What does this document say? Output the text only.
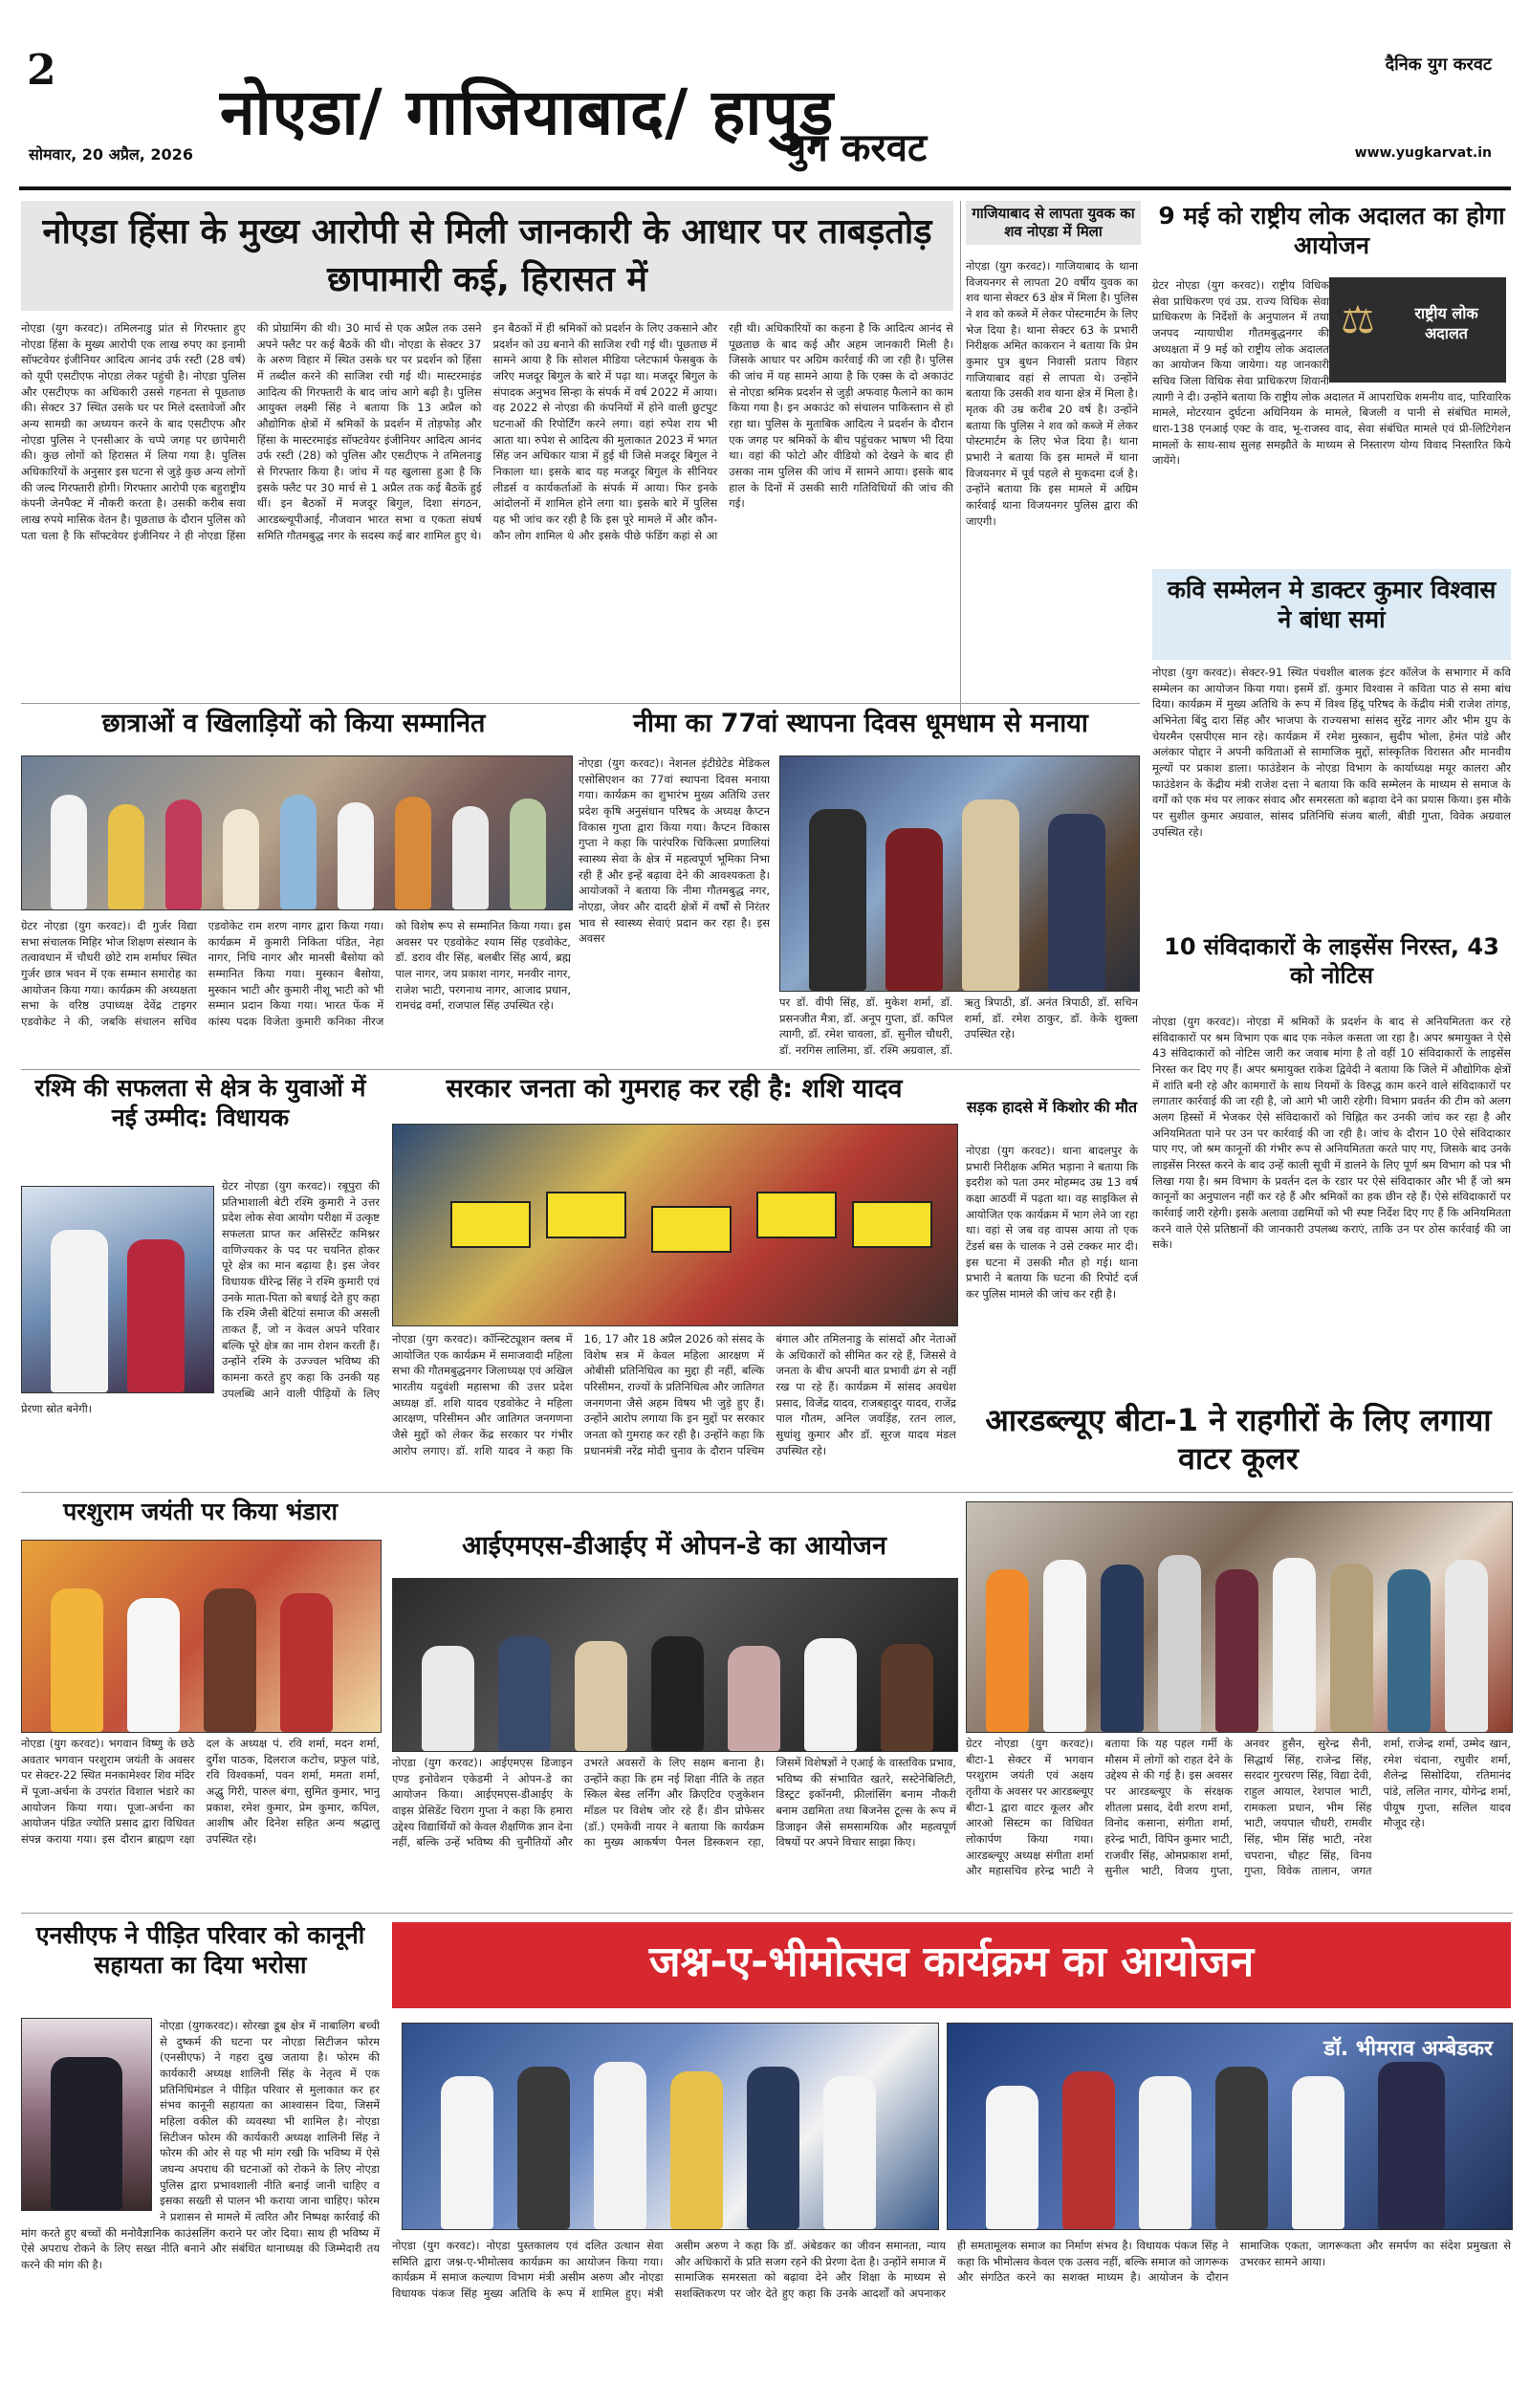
2
नोएडा/ गाजियाबाद/ हापुड़
युग करवट
दैनिक युग करवट
सोमवार, 20 अप्रैल, 2026	www.yugkarvat.in
नोएडा हिंसा के मुख्य आरोपी से मिली जानकारी के आधार पर ताबड़तोड़ छापामारी कई, हिरासत में
नोएडा (युग करवट)। तमिलनाडु प्रांत से गिरफ्तार हुए नोएडा हिंसा के मुख्य आरोपी एक लाख रुपए का इनामी सॉफ्टवेयर इंजीनियर आदित्य आनंद उर्फ रस्टी (28 वर्ष) को यूपी एसटीएफ नोएडा लेकर पहुंची है। नोएडा पुलिस और एसटीएफ का अधिकारी उससे गहनता से पूछताछ की। सेक्टर 37 स्थित उसके घर पर मिले दस्तावेजों और अन्य सामग्री का अध्ययन करने के बाद एसटीएफ और नोएडा पुलिस ने एनसीआर के चप्पे जगह पर छापेमारी की। कुछ लोगों को हिरासत में लिया गया है। पुलिस अधिकारियों के अनुसार इस घटना से जुड़े कुछ अन्य लोगों की जल्द गिरफ्तारी होगी। गिरफ्तार आरोपी एक बहुराष्ट्रीय कंपनी जेनपैक्ट में नौकरी करता है। उसकी करीब सवा लाख रुपये मासिक वेतन है। पूछताछ के दौरान पुलिस को पता चला है कि सॉफ्टवेयर इंजीनियर ने ही नोएडा हिंसा की प्रोग्रामिंग की थी। 30 मार्च से एक अप्रैल तक उसने अपने फ्लैट पर कई बैठकें की थी। नोएडा के सेक्टर 37 के अरुण विहार में स्थित उसके घर पर प्रदर्शन को हिंसा में तब्दील करने की साजिश रची गई थी। मास्टरमाइंड आदित्य की गिरफ्तारी के बाद जांच आगे बढ़ी है। पुलिस आयुक्त लक्ष्मी सिंह ने बताया कि 13 अप्रैल को औद्योगिक क्षेत्रों में श्रमिकों के प्रदर्शन में तोड़फोड़ और हिंसा के मास्टरमाइंड सॉफ्टवेयर इंजीनियर आदित्य आनंद उर्फ रस्टी (28) को पुलिस और एसटीएफ ने तमिलनाडु से गिरफ्तार किया है। जांच में यह खुलासा हुआ है कि इसके फ्लैट पर 30 मार्च से 1 अप्रैल तक कई बैठकें हुई थीं। इन बैठकों में मजदूर बिगुल, दिशा संगठन, आरडब्ल्यूपीआई, नौजवान भारत सभा व एकता संघर्ष समिति गौतमबुद्ध नगर के सदस्य कई बार शामिल हुए थे। इन बैठकों में ही श्रमिकों को प्रदर्शन के लिए उकसाने और प्रदर्शन को उग्र बनाने की साजिश रची गई थी। पूछताछ में सामने आया है कि सोशल मीडिया प्लेटफार्म फेसबुक के जरिए मजदूर बिगुल के बारे में पढ़ा था। मजदूर बिगुल के संपादक अनुभव सिन्हा के संपर्क में वर्ष 2022 में आया। वह 2022 से नोएडा की कंपनियों में होने वाली छुटपुट घटनाओं की रिपोर्टिंग करने लगा। वहां रुपेश राय भी आता था। रुपेश से आदित्य की मुलाकात 2023 में भगत सिंह जन अधिकार यात्रा में हुई थी जिसे मजदूर बिगुल ने निकाला था। इसके बाद यह मजदूर बिगुल के सीनियर लीडर्स व कार्यकर्ताओं के संपर्क में आया। फिर इनके आंदोलनों में शामिल होने लगा था। इसके बारे में पुलिस यह भी जांच कर रही है कि इस पूरे मामले में और कौन-कौन लोग शामिल थे और इसके पीछे फंडिंग कहां से आ रही थी। अधिकारियों का कहना है कि आदित्य आनंद से पूछताछ के बाद कई और अहम जानकारी मिली है। जिसके आधार पर अग्रिम कार्रवाई की जा रही है। पुलिस की जांच में यह सामने आया है कि एक्स के दो अकाउंट से नोएडा श्रमिक प्रदर्शन से जुड़ी अफवाह फैलाने का काम किया गया है। इन अकाउंट को संचालन पाकिस्तान से हो रहा था। पुलिस के मुताबिक आदित्य ने प्रदर्शन के दौरान एक जगह पर श्रमिकों के बीच पहुंचकर भाषण भी दिया था। वहां की फोटो और वीडियो को देखने के बाद ही उसका नाम पुलिस की जांच में सामने आया। इसके बाद हाल के दिनों में उसकी सारी गतिविधियों की जांच की गई।
गाजियाबाद से लापता युवक का शव नोएडा में मिला
नोएडा (युग करवट)। गाजियाबाद के थाना विजयनगर से लापता 20 वर्षीय युवक का शव थाना सेक्टर 63 क्षेत्र में मिला है। पुलिस ने शव को कब्जे में लेकर पोस्टमार्टम के लिए भेज दिया है। थाना सेक्टर 63 के प्रभारी निरीक्षक अमित काकरान ने बताया कि प्रेम कुमार पुत्र बुधन निवासी प्रताप विहार गाजियाबाद वहां से लापता थे। उन्होंने बताया कि उसकी शव थाना क्षेत्र में मिला है। मृतक की उम्र करीब 20 वर्ष है। उन्होंने बताया कि पुलिस ने शव को कब्जे में लेकर पोस्टमार्टम के लिए भेज दिया है। थाना प्रभारी ने बताया कि इस मामले में थाना विजयनगर में पूर्व पहले से मुकदमा दर्ज है। उन्होंने बताया कि इस मामले में अग्रिम कार्रवाई थाना विजयनगर पुलिस द्वारा की जाएगी।
9 मई को राष्ट्रीय लोक अदालत का होगा आयोजन
⚖	राष्ट्रीय लोक अदालत
ग्रेटर नोएडा (युग करवट)। राष्ट्रीय विधिक सेवा प्राधिकरण एवं उप्र. राज्य विधिक सेवा प्राधिकरण के निर्देशों के अनुपालन में तथा जनपद न्यायाधीश गौतमबुद्धनगर की अध्यक्षता में 9 मई को राष्ट्रीय लोक अदालत का आयोजन किया जायेगा। यह जानकारी सचिव जिला विधिक सेवा प्राधिकरण शिवानी त्यागी ने दी। उन्होंने बताया कि राष्ट्रीय लोक अदालत में आपराधिक शमनीय वाद, पारिवारिक मामले, मोटरयान दुर्घटना अधिनियम के मामले, बिजली व पानी से संबंधित मामले, धारा-138 एनआई एक्ट के वाद, भू-राजस्व वाद, सेवा संबंधित मामले एवं प्री-लिटिगेशन मामलों के साथ-साथ सुलह समझौते के माध्यम से निस्तारण योग्य विवाद निस्तारित किये जायेंगे।
कवि सम्मेलन मे डाक्टर कुमार विश्वास ने बांधा समां
नोएडा (युग करवट)। सेक्टर-91 स्थित पंचशील बालक इंटर कॉलेज के सभागार में कवि सम्मेलन का आयोजन किया गया। इसमें डॉ. कुमार विश्वास ने कविता पाठ से समा बांध दिया। कार्यक्रम में मुख्य अतिथि के रूप में विश्व हिंदू परिषद के केंद्रीय मंत्री राजेश तांगड़, अभिनेता बिंदु दारा सिंह और भाजपा के राज्यसभा सांसद सुरेंद्र नागर और भीम ग्रुप के चेयरमैन एसपीएस मान रहे। कार्यक्रम में रमेश मुस्कान, सुदीप भोला, हेमंत पांडे और अलंकार पोद्दार ने अपनी कविताओं से सामाजिक मुद्दों, सांस्कृतिक विरासत और मानवीय मूल्यों पर प्रकाश डाला। फाउंडेशन के नोएडा विभाग के कार्याध्यक्ष मयूर कालरा और फाउंडेशन के केंद्रीय मंत्री राजेश दत्ता ने बताया कि कवि सम्मेलन के माध्यम से समाज के वर्गों को एक मंच पर लाकर संवाद और समरसता को बढ़ावा देने का प्रयास किया। इस मौके पर सुशील कुमार अग्रवाल, सांसद प्रतिनिधि संजय बाली, बीडी गुप्ता, विवेक अग्रवाल उपस्थित रहे।
10 संविदाकारों के लाइसेंस निरस्त, 43 को नोटिस
नोएडा (युग करवट)। नोएडा में श्रमिकों के प्रदर्शन के बाद से अनियमितता कर रहे संविदाकारों पर श्रम विभाग एक बाद एक नकेल कसता जा रहा है। अपर श्रमायुक्त ने ऐसे 43 संविदाकारों को नोटिस जारी कर जवाब मांगा है तो वहीं 10 संविदाकारों के लाइसेंस निरस्त कर दिए गए हैं। अपर श्रमायुक्त राकेश द्विवेदी ने बताया कि जिले में औद्योगिक क्षेत्रों में शांति बनी रहे और कामगारों के साथ नियमों के विरुद्ध काम करने वाले संविदाकारों पर लगातार कार्रवाई की जा रही है, जो आगे भी जारी रहेगी। विभाग प्रवर्तन की टीम को अलग अलग हिस्सों में भेजकर ऐसे संविदाकारों को चिह्नित कर उनकी जांच कर रहा है और अनियमितता पाने पर उन पर कार्रवाई की जा रही है। जांच के दौरान 10 ऐसे संविदाकार पाए गए, जो श्रम कानूनों की गंभीर रूप से अनियमितता करते पाए गए, जिसके बाद उनके लाइसेंस निरस्त करने के बाद उन्हें काली सूची में डालने के लिए पूर्ण श्रम विभाग को पत्र भी लिखा गया है। श्रम विभाग के प्रवर्तन दल के रडार पर ऐसे संविदाकार और भी हैं जो श्रम कानूनों का अनुपालन नहीं कर रहे हैं और श्रमिकों का हक छीन रहे हैं। ऐसे संविदाकारों पर कार्रवाई जारी रहेगी। इसके अलावा उद्यमियों को भी स्पष्ट निर्देश दिए गए हैं कि अनियमितता करने वाले ऐसे प्रतिष्ठानों की जानकारी उपलब्ध कराएं, ताकि उन पर ठोस कार्रवाई की जा सके।
छात्राओं व खिलाड़ियों को किया सम्मानित
ग्रेटर नोएडा (युग करवट)। दी गुर्जर विद्या सभा संचालक मिहिर भोज शिक्षण संस्थान के तत्वावधान में चौधरी छोटे राम शर्माघर स्थित गुर्जर छात्र भवन में एक सम्मान समारोह का आयोजन किया गया। कार्यक्रम की अध्यक्षता सभा के वरिष्ठ उपाध्यक्ष देवेंद्र टाइगर एडवोकेट ने की, जबकि संचालन सचिव एडवोकेट राम शरण नागर द्वारा किया गया। कार्यक्रम में कुमारी निकिता पंडित, नेहा नागर, निधि नागर और मानसी बैसोया को सम्मानित किया गया। मुस्कान बैसोया, मुस्कान भाटी और कुमारी नीशू भाटी को भी सम्मान प्रदान किया गया। भारत फेंक में कांस्य पदक विजेता कुमारी कनिका नीरज को विशेष रूप से सम्मानित किया गया। इस अवसर पर एडवोकेट श्याम सिंह एडवोकेट, डॉ. डराव वीर सिंह, बलबीर सिंह आर्य, ब्रह्म पाल नागर, जय प्रकाश नागर, मनवीर नागर, राजेश भाटी, परगनाथ नागर, आजाद प्रधान, रामचंद्र वर्मा, राजपाल सिंह उपस्थित रहे।
नीमा का 77वां स्थापना दिवस धूमधाम से मनाया
नोएडा (युग करवट)। नेशनल इंटीग्रेटेड मेडिकल एसोसिएशन का 77वां स्थापना दिवस मनाया गया। कार्यक्रम का शुभारंभ मुख्य अतिथि उत्तर प्रदेश कृषि अनुसंधान परिषद के अध्यक्ष कैप्टन विकास गुप्ता द्वारा किया गया। कैप्टन विकास गुप्ता ने कहा कि पारंपरिक चिकित्सा प्रणालियां स्वास्थ्य सेवा के क्षेत्र में महत्वपूर्ण भूमिका निभा रही हैं और इन्हें बढ़ावा देने की आवश्यकता है। आयोजकों ने बताया कि नीमा गौतमबुद्ध नगर, नोएडा, जेवर और दादरी क्षेत्रों में वर्षों से निरंतर भाव से स्वास्थ्य सेवाएं प्रदान कर रहा है। इस अवसर
पर डॉ. वीपी सिंह, डॉ. मुकेश शर्मा, डॉ. प्रसनजीत मैत्रा, डॉ. अनूप गुप्ता, डॉ. कपिल त्यागी, डॉ. रमेश चावला, डॉ. सुनील चौधरी, डॉ. नरगिस लालिमा, डॉ. रश्मि अग्रवाल, डॉ. ऋतु त्रिपाठी, डॉ. अनंत त्रिपाठी, डॉ. सचिन शर्मा, डॉ. रमेश ठाकुर, डॉ. केके शुक्ला उपस्थित रहे।
रश्मि की सफलता से क्षेत्र के युवाओं में नई उम्मीद: विधायक
ग्रेटर नोएडा (युग करवट)। रबूपुरा की प्रतिभाशाली बेटी रश्मि कुमारी ने उत्तर प्रदेश लोक सेवा आयोग परीक्षा में उत्कृष्ट सफलता प्राप्त कर असिस्टेंट कमिश्नर वाणिज्यकर के पद पर चयनित होकर पूरे क्षेत्र का मान बढ़ाया है। इस जेवर विधायक धीरेन्द्र सिंह ने रश्मि कुमारी एवं उनके माता-पिता को बधाई देते हुए कहा कि रश्मि जैसी बेटियां समाज की असली ताकत हैं, जो न केवल अपने परिवार बल्कि पूरे क्षेत्र का नाम रोशन करती हैं। उन्होंने रश्मि के उज्ज्वल भविष्य की कामना करते हुए कहा कि उनकी यह उपलब्धि आने वाली पीढ़ियों के लिए प्रेरणा स्रोत बनेगी।
सरकार जनता को गुमराह कर रही है: शशि यादव
नोएडा (युग करवट)। कॉन्स्टिट्यूशन क्लब में आयोजित एक कार्यक्रम में समाजवादी महिला सभा की गौतमबुद्धनगर जिलाध्यक्ष एवं अखिल भारतीय यदुवंशी महासभा की उत्तर प्रदेश अध्यक्ष डॉ. शशि यादव एडवोकेट ने महिला आरक्षण, परिसीमन और जातिगत जनगणना जैसे मुद्दों को लेकर केंद्र सरकार पर गंभीर आरोप लगाए। डॉ. शशि यादव ने कहा कि 16, 17 और 18 अप्रैल 2026 को संसद के विशेष सत्र में केवल महिला आरक्षण में ओबीसी प्रतिनिधित्व का मुद्दा ही नहीं, बल्कि परिसीमन, राज्यों के प्रतिनिधित्व और जातिगत जनगणना जैसे अहम विषय भी जुड़े हुए हैं। उन्होंने आरोप लगाया कि इन मुद्दों पर सरकार जनता को गुमराह कर रही है। उन्होंने कहा कि प्रधानमंत्री नरेंद्र मोदी चुनाव के दौरान पश्चिम बंगाल और तमिलनाडु के सांसदों और नेताओं के अधिकारों को सीमित कर रहे हैं, जिससे वे जनता के बीच अपनी बात प्रभावी ढंग से नहीं रख पा रहे हैं। कार्यक्रम में सांसद अवधेश प्रसाद, विजेंद्र यादव, राजबहादुर यादव, राजेंद्र पाल गौतम, अनिल जवड़िंह, रतन लाल, सुधांशु कुमार और डॉ. सूरज यादव मंडल उपस्थित रहे।
सड़क हादसे में किशोर की मौत
नोएडा (युग करवट)। थाना बादलपुर के प्रभारी निरीक्षक अमित भड़ाना ने बताया कि इदरीश को पता उमर मोहम्मद उम्र 13 वर्ष कक्षा आठवीं में पढ़ता था। वह साइकिल से आयोजित एक कार्यक्रम में भाग लेने जा रहा था। वहां से जब वह वापस आया तो एक टेंडर्स बस के चालक ने उसे टक्कर मार दी। इस घटना में उसकी मौत हो गई। थाना प्रभारी ने बताया कि घटना की रिपोर्ट दर्ज कर पुलिस मामले की जांच कर रही है।
परशुराम जयंती पर किया भंडारा
नोएडा (युग करवट)। भगवान विष्णु के छठे अवतार भगवान परशुराम जयंती के अवसर पर सेक्टर-22 स्थित मनकामेश्वर शिव मंदिर में पूजा-अर्चना के उपरांत विशाल भंडारे का आयोजन किया गया। पूजा-अर्चना का आयोजन पंडित ज्योति प्रसाद द्वारा विधिवत संपन्न कराया गया। इस दौरान ब्राह्मण रक्षा दल के अध्यक्ष पं. रवि शर्मा, मदन शर्मा, दुर्गेश पाठक, दिलराज कटोच, प्रफुल पांडे, रवि विश्वकर्मा, पवन शर्मा, ममता शर्मा, अद्धु गिरी, पारुल बंगा, सुमित कुमार, भानु प्रकाश, रमेश कुमार, प्रेम कुमार, कपिल, आशीष और दिनेश सहित अन्य श्रद्धालु उपस्थित रहे।
आईएमएस-डीआईए में ओपन-डे का आयोजन
नोएडा (युग करवट)। आईएमएस डिजाइन एण्ड इनोवेशन एकेडमी ने ओपन-डे का आयोजन किया। आईएमएस-डीआईए के वाइस प्रेसिडेंट चिराग गुप्ता ने कहा कि हमारा उद्देश्य विद्यार्थियों को केवल शैक्षणिक ज्ञान देना नहीं, बल्कि उन्हें भविष्य की चुनौतियों और उभरते अवसरों के लिए सक्षम बनाना है। उन्होंने कहा कि हम नई शिक्षा नीति के तहत स्किल बेस्ड लर्निंग और क्रिएटिव एजुकेशन मॉडल पर विशेष जोर रहे हैं। डीन प्रोफेसर (डॉ.) एमकेवी नायर ने बताया कि कार्यक्रम का मुख्य आकर्षण पैनल डिस्कशन रहा, जिसमें विशेषज्ञों ने एआई के वास्तविक प्रभाव, भविष्य की संभावित खतरे, सस्टेनेबिलिटी, डिस्ट्रट इकॉनमी, फ्रीलांसिंग बनाम नौकरी बनाम उद्यमिता तथा बिजनेस टूल्स के रूप में डिजाइन जैसे समसामयिक और महत्वपूर्ण विषयों पर अपने विचार साझा किए।
आरडब्ल्यूए बीटा-1 ने राहगीरों के लिए लगाया वाटर कूलर
ग्रेटर नोएडा (युग करवट)। बीटा-1 सेक्टर में भगवान परशुराम जयंती एवं अक्षय तृतीया के अवसर पर आरडब्ल्यूए बीटा-1 द्वारा वाटर कूलर और आरओ सिस्टम का विधिवत लोकार्पण किया गया। आरडब्ल्यूए अध्यक्ष संगीता शर्मा और महासचिव हरेन्द्र भाटी ने बताया कि यह पहल गर्मी के मौसम में लोगों को राहत देने के उद्देश्य से की गई है। इस अवसर पर आरडब्ल्यूए के संरक्षक शीतला प्रसाद, देवी शरण शर्मा, विनोद कसाना, संगीता शर्मा, हरेन्द्र भाटी, विपिन कुमार भाटी, राजवीर सिंह, ओमप्रकाश शर्मा, सुनील भाटी, विजय गुप्ता, अनवर हुसैन, सुरेन्द्र सैनी, सिद्धार्थ सिंह, राजेन्द्र सिंह, सरदार गुरचरण सिंह, विद्या देवी, राहुल आयाल, रेशपाल भाटी, रामकला प्रधान, भीम सिंह भाटी, जयपाल चौधरी, रामवीर सिंह, भीम सिंह भाटी, नरेश चपराना, चौहट सिंह, विनय गुप्ता, विवेक तालान, जगत शर्मा, राजेन्द्र शर्मा, उम्मेद खान, रमेश चंदाना, रघुवीर शर्मा, शैलेन्द्र सिसोदिया, रतिमानंद पांडे, ललित नागर, योगेन्द्र शर्मा, पीयूष गुप्ता, सलिल यादव मौजूद रहे।
एनसीएफ ने पीड़ित परिवार को कानूनी सहायता का दिया भरोसा
नोएडा (युगकरवट)। सोरखा डूब क्षेत्र में नाबालिग बच्ची से दुष्कर्म की घटना पर नोएडा सिटीजन फोरम (एनसीएफ) ने गहरा दुख जताया है। फोरम की कार्यकारी अध्यक्ष शालिनी सिंह के नेतृत्व में एक प्रतिनिधिमंडल ने पीड़ित परिवार से मुलाकात कर हर संभव कानूनी सहायता का आश्वासन दिया, जिसमें महिला वकील की व्यवस्था भी शामिल है। नोएडा सिटीजन फोरम की कार्यकारी अध्यक्ष शालिनी सिंह ने फोरम की ओर से यह भी मांग रखी कि भविष्य में ऐसे जघन्य अपराध की घटनाओं को रोकने के लिए नोएडा पुलिस द्वारा प्रभावशाली नीति बनाई जानी चाहिए व इसका सख्ती से पालन भी कराया जाना चाहिए। फोरम ने प्रशासन से मामले में त्वरित और निष्पक्ष कार्रवाई की मांग करते हुए बच्चों की मनोवैज्ञानिक काउंसलिंग कराने पर जोर दिया। साथ ही भविष्य में ऐसे अपराध रोकने के लिए सख्त नीति बनाने और संबंधित थानाध्यक्ष की जिम्मेदारी तय करने की मांग की है।
जश्न-ए-भीमोत्सव कार्यक्रम का आयोजन
डॉ. भीमराव अम्बेडकर
नोएडा (युग करवट)। नोएडा पुस्तकालय एवं दलित उत्थान सेवा समिति द्वारा जश्न-ए-भीमोत्सव कार्यक्रम का आयोजन किया गया। कार्यक्रम में समाज कल्याण विभाग मंत्री असीम अरुण और नोएडा विधायक पंकज सिंह मुख्य अतिथि के रूप में शामिल हुए। मंत्री असीम अरुण ने कहा कि डॉ. अंबेडकर का जीवन समानता, न्याय और अधिकारों के प्रति सजग रहने की प्रेरणा देता है। उन्होंने समाज में सामाजिक समरसता को बढ़ावा देने और शिक्षा के माध्यम से सशक्तिकरण पर जोर देते हुए कहा कि उनके आदर्शों को अपनाकर ही समतामूलक समाज का निर्माण संभव है। विधायक पंकज सिंह ने कहा कि भीमोत्सव केवल एक उत्सव नहीं, बल्कि समाज को जागरूक और संगठित करने का सशक्त माध्यम है। आयोजन के दौरान सामाजिक एकता, जागरूकता और समर्पण का संदेश प्रमुखता से उभरकर सामने आया।
